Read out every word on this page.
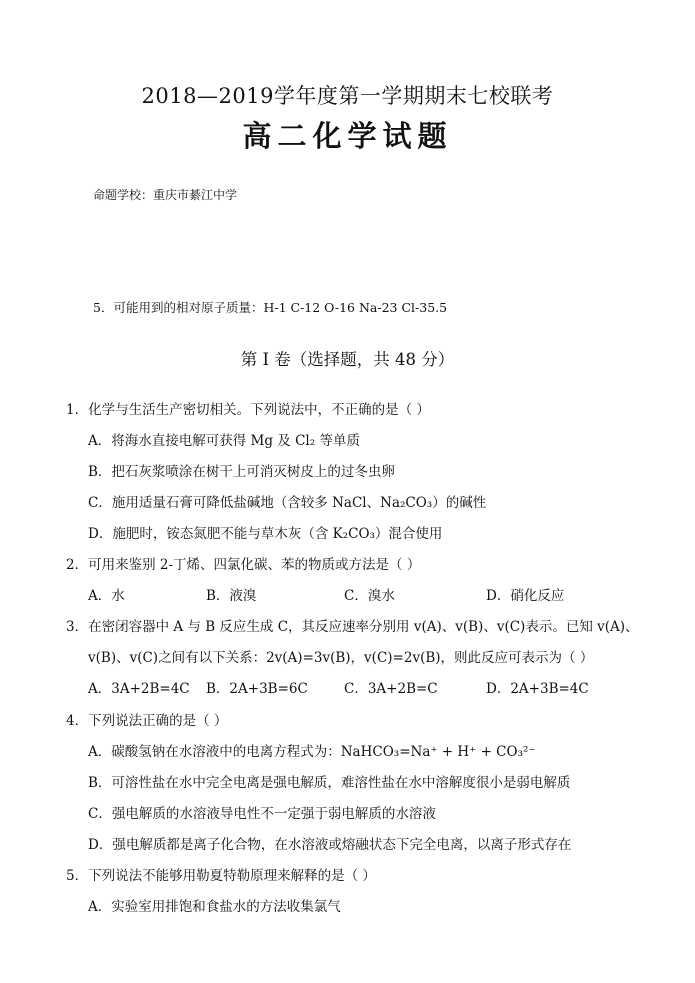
2018—2019学年度第一学期期末七校联考
高二化学试题
命题学校：重庆市綦江中学
5．可能用到的相对原子质量：H-1 C-12 O-16 Na-23 Cl-35.5
第 I 卷（选择题，共 48 分）
1．化学与生活生产密切相关。下列说法中，不正确的是（ ）
A．将海水直接电解可获得 Mg 及 Cl₂ 等单质
B．把石灰浆喷涂在树干上可消灭树皮上的过冬虫卵
C．施用适量石膏可降低盐碱地（含较多 NaCl、Na₂CO₃）的碱性
D．施肥时，铵态氮肥不能与草木灰（含 K₂CO₃）混合使用
2．可用来鉴别 2-丁烯、四氯化碳、苯的物质或方法是（ ）
A．水	B．液溴	C．溴水	D．硝化反应
3．在密闭容器中 A 与 B 反应生成 C，其反应速率分别用 v(A)、v(B)、v(C)表示。已知 v(A)、
v(B)、v(C)之间有以下关系：2v(A)=3v(B)，v(C)=2v(B)，则此反应可表示为（ ）
A．3A+2B=4C B．2A+3B=6C	C．3A+2B=C	D．2A+3B=4C
4．下列说法正确的是（ ）
A．碳酸氢钠在水溶液中的电离方程式为：NaHCO₃=Na⁺ + H⁺ + CO₃²⁻
B．可溶性盐在水中完全电离是强电解质，难溶性盐在水中溶解度很小是弱电解质
C．强电解质的水溶液导电性不一定强于弱电解质的水溶液
D．强电解质都是离子化合物，在水溶液或熔融状态下完全电离，以离子形式存在
5．下列说法不能够用勒夏特勒原理来解释的是（ ）
A．实验室用排饱和食盐水的方法收集氯气
